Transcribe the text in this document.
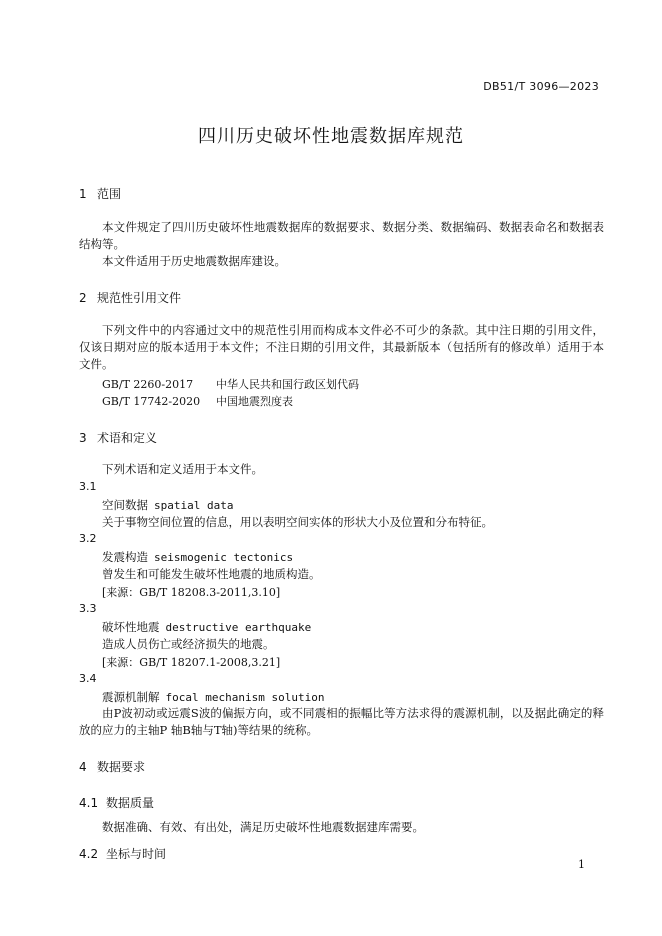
DB51/T 3096—2023
四川历史破坏性地震数据库规范
1 范围
本文件规定了四川历史破坏性地震数据库的数据要求、数据分类、数据编码、数据表命名和数据表结构等。
本文件适用于历史地震数据库建设。
2 规范性引用文件
下列文件中的内容通过文中的规范性引用而构成本文件必不可少的条款。其中注日期的引用文件，仅该日期对应的版本适用于本文件；不注日期的引用文件，其最新版本（包括所有的修改单）适用于本文件。
GB/T 2260-2017 中华人民共和国行政区划代码
GB/T 17742-2020 中国地震烈度表
3 术语和定义
下列术语和定义适用于本文件。
3.1
空间数据 spatial data
关于事物空间位置的信息，用以表明空间实体的形状大小及位置和分布特征。
3.2
发震构造 seismogenic tectonics
曾发生和可能发生破坏性地震的地质构造。
[来源：GB/T 18208.3-2011,3.10]
3.3
破坏性地震 destructive earthquake
造成人员伤亡或经济损失的地震。
[来源：GB/T 18207.1-2008,3.21]
3.4
震源机制解 focal mechanism solution
由P波初动或远震S波的偏振方向，或不同震相的振幅比等方法求得的震源机制，以及据此确定的释放的应力的主轴P 轴B轴与T轴)等结果的统称。
4 数据要求
4.1 数据质量
数据准确、有效、有出处，满足历史破坏性地震数据建库需要。
4.2 坐标与时间
1
